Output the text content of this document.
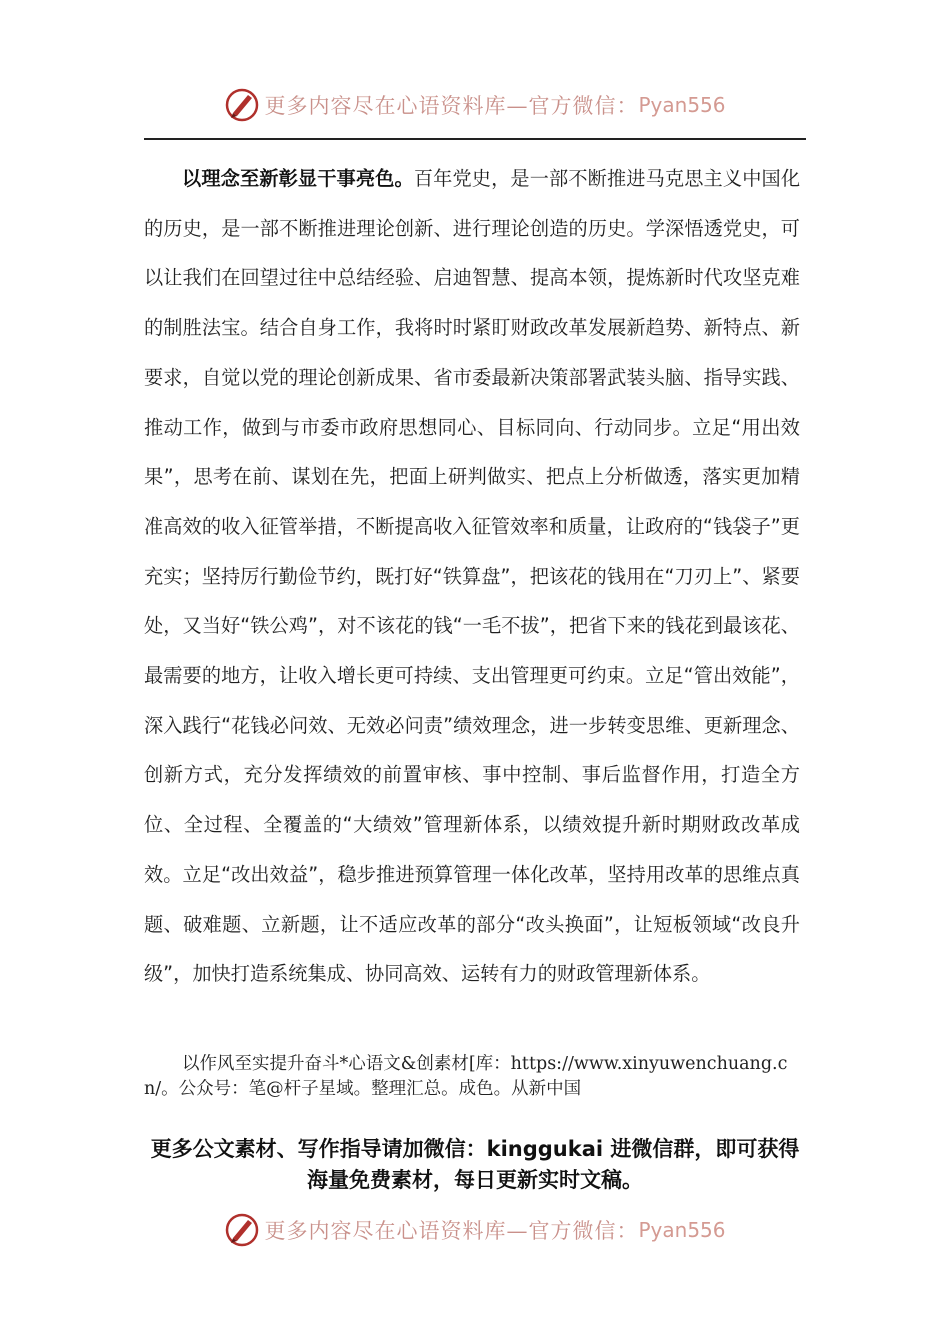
更多内容尽在心语资料库—官方微信： Pyan556

以理念至新彰显干事亮色。百年党史，是一部不断推进马克思主义中国化的历史，是一部不断推进理论创新、进行理论创造的历史。学深悟透党史，可以让我们在回望过往中总结经验、启迪智慧、提高本领，提炼新时代攻坚克难的制胜法宝。结合自身工作，我将时时紧盯财政改革发展新趋势、新特点、新要求，自觉以党的理论创新成果、省市委最新决策部署武装头脑、指导实践、推动工作，做到与市委市政府思想同心、目标同向、行动同步。立足“用出效果”，思考在前、谋划在先，把面上研判做实、把点上分析做透，落实更加精准高效的收入征管举措，不断提高收入征管效率和质量，让政府的“钱袋子”更充实；坚持厉行勤俭节约，既打好“铁算盘”，把该花的钱用在“刀刃上”、紧要处，又当好“铁公鸡”，对不该花的钱“一毛不拔”，把省下来的钱花到最该花、最需要的地方，让收入增长更可持续、支出管理更可约束。立足“管出效能”，深入践行“花钱必问效、无效必问责”绩效理念，进一步转变思维、更新理念、创新方式，充分发挥绩效的前置审核、事中控制、事后监督作用，打造全方位、全过程、全覆盖的“大绩效”管理新体系，以绩效提升新时期财政改革成效。立足“改出效益”，稳步推进预算管理一体化改革，坚持用改革的思维点真题、破难题、立新题，让不适应改革的部分“改头换面”，让短板领域“改良升级”，加快打造系统集成、协同高效、运转有力的财政管理新体系。

以作风至实提升奋斗*心语文&创素材[库：https://www.xinyuwenchuang.cn/。公众号：笔@杆子星域。整理汇总。成色。从新中国

更多公文素材、写作指导请加微信：kinggukai 进微信群，即可获得海量免费素材，每日更新实时文稿。

更多内容尽在心语资料库—官方微信： Pyan556
